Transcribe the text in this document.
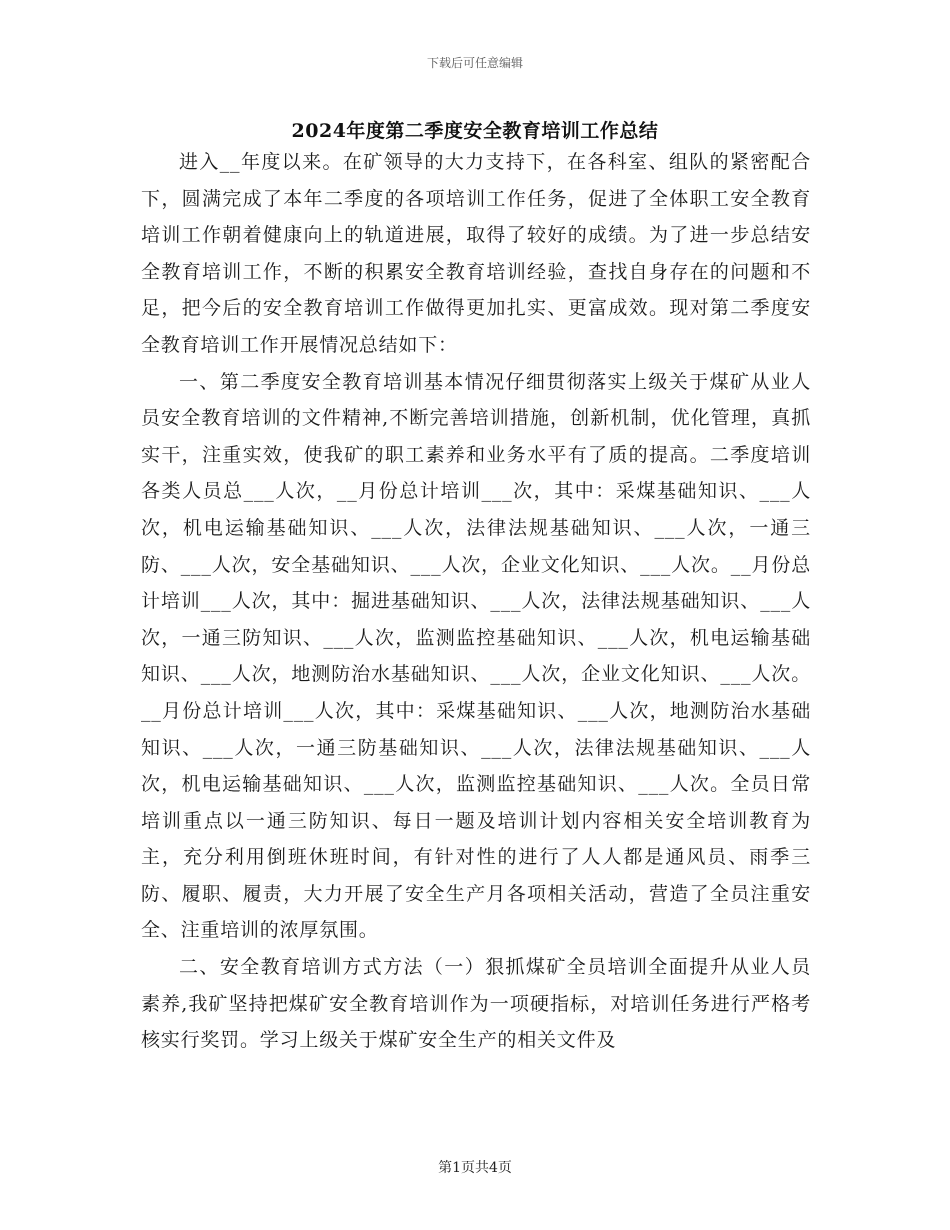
下载后可任意编辑
2024年度第二季度安全教育培训工作总结

进入__年度以来。在矿领导的大力支持下，在各科室、组队的紧密配合下，圆满完成了本年二季度的各项培训工作任务，促进了全体职工安全教育培训工作朝着健康向上的轨道进展，取得了较好的成绩。为了进一步总结安全教育培训工作，不断的积累安全教育培训经验，查找自身存在的问题和不足，把今后的安全教育培训工作做得更加扎实、更富成效。现对第二季度安全教育培训工作开展情况总结如下：

一、第二季度安全教育培训基本情况仔细贯彻落实上级关于煤矿从业人员安全教育培训的文件精神,不断完善培训措施，创新机制，优化管理，真抓实干，注重实效，使我矿的职工素养和业务水平有了质的提高。二季度培训各类人员总___人次，__月份总计培训___次，其中：采煤基础知识、___人次，机电运输基础知识、___人次，法律法规基础知识、___人次，一通三防、___人次，安全基础知识、___人次，企业文化知识、___人次。__月份总计培训___人次，其中：掘进基础知识、___人次，法律法规基础知识、___人次，一通三防知识、___人次，监测监控基础知识、___人次，机电运输基础知识、___人次，地测防治水基础知识、___人次，企业文化知识、___人次。__月份总计培训___人次，其中：采煤基础知识、___人次，地测防治水基础知识、___人次，一通三防基础知识、___人次，法律法规基础知识、___人次，机电运输基础知识、___人次，监测监控基础知识、___人次。全员日常培训重点以一通三防知识、每日一题及培训计划内容相关安全培训教育为主，充分利用倒班休班时间，有针对性的进行了人人都是通风员、雨季三防、履职、履责，大力开展了安全生产月各项相关活动，营造了全员注重安全、注重培训的浓厚氛围。

二、安全教育培训方式方法（一）狠抓煤矿全员培训全面提升从业人员素养,我矿坚持把煤矿安全教育培训作为一项硬指标，对培训任务进行严格考核实行奖罚。学习上级关于煤矿安全生产的相关文件及

第1页共4页
